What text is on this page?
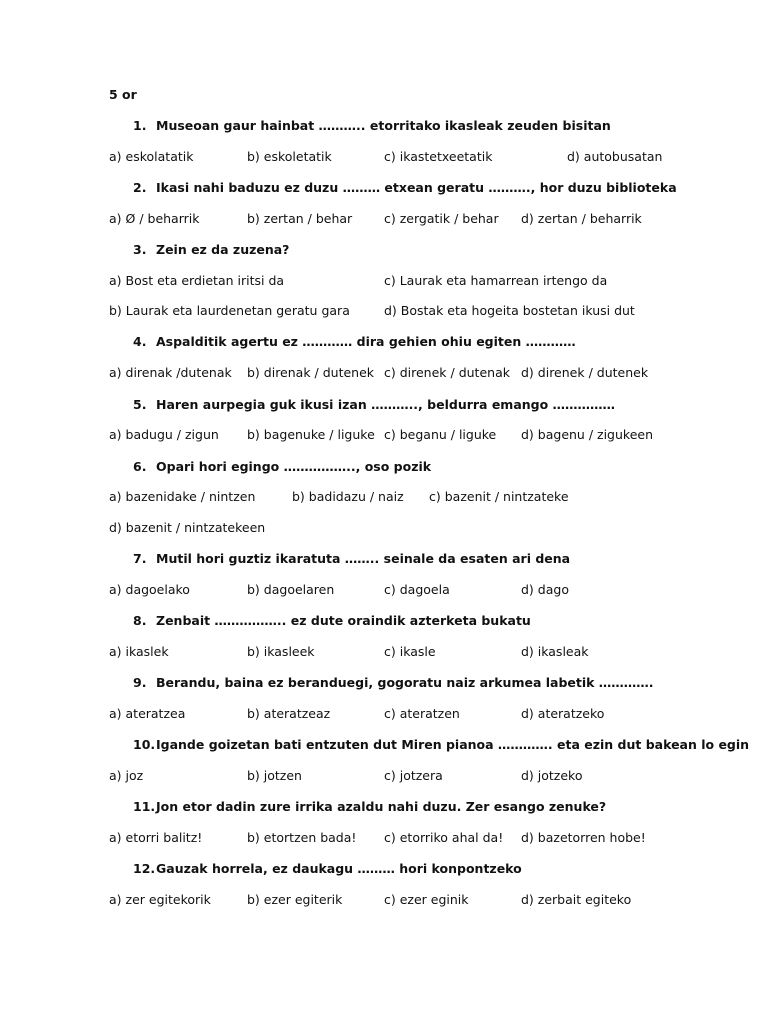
5 or
1. Museoan gaur hainbat ……….. etorritako ikasleak zeuden bisitan
a) eskolatatik	b) eskoletatik	c) ikastetxeetatik	d) autobusatan
2. Ikasi nahi baduzu ez duzu ……… etxean geratu ………., hor duzu biblioteka
a) Ø / beharrik	b) zertan / behar	c) zergatik / behar d) zertan / beharrik
3. Zein ez da zuzena?
a) Bost eta erdietan iritsi da	c) Laurak eta hamarrean irtengo da
b) Laurak eta laurdenetan geratu gara	d) Bostak eta hogeita bostetan ikusi dut
4. Aspalditik agertu ez ………… dira gehien ohiu egiten …………
a) direnak /dutenak b) direnak / dutenek c) direnek / dutenak d) direnek / dutenek
5. Haren aurpegia guk ikusi izan ……….., beldurra emango ……………
a) badugu / zigun b) bagenuke / liguke c) beganu / liguke d) bagenu / zigukeen
6. Opari hori egingo …………….., oso pozik
a) bazenidake / nintzen	b) badidazu / naiz c) bazenit / nintzateke
d) bazenit / nintzatekeen
7. Mutil hori guztiz ikaratuta …….. seinale da esaten ari dena
a) dagoelako	b) dagoelaren	c) dagoela	d) dago
8. Zenbait …………….. ez dute oraindik azterketa bukatu
a) ikaslek	b) ikasleek	c) ikasle	d) ikasleak
9. Berandu, baina ez beranduegi, gogoratu naiz arkumea labetik ………….
a) ateratzea	b) ateratzeaz	c) ateratzen	d) ateratzeko
10.Igande goizetan bati entzuten dut Miren pianoa …………. eta ezin dut bakean lo egin
a) joz	b) jotzen	c) jotzera	d) jotzeko
11.Jon etor dadin zure irrika azaldu nahi duzu. Zer esango zenuke?
a) etorri balitz!	b) etortzen bada! c) etorriko ahal da! d) bazetorren hobe!
12.Gauzak horrela, ez daukagu ……… hori konpontzeko
a) zer egitekorik	b) ezer egiterik	c) ezer eginik	d) zerbait egiteko
